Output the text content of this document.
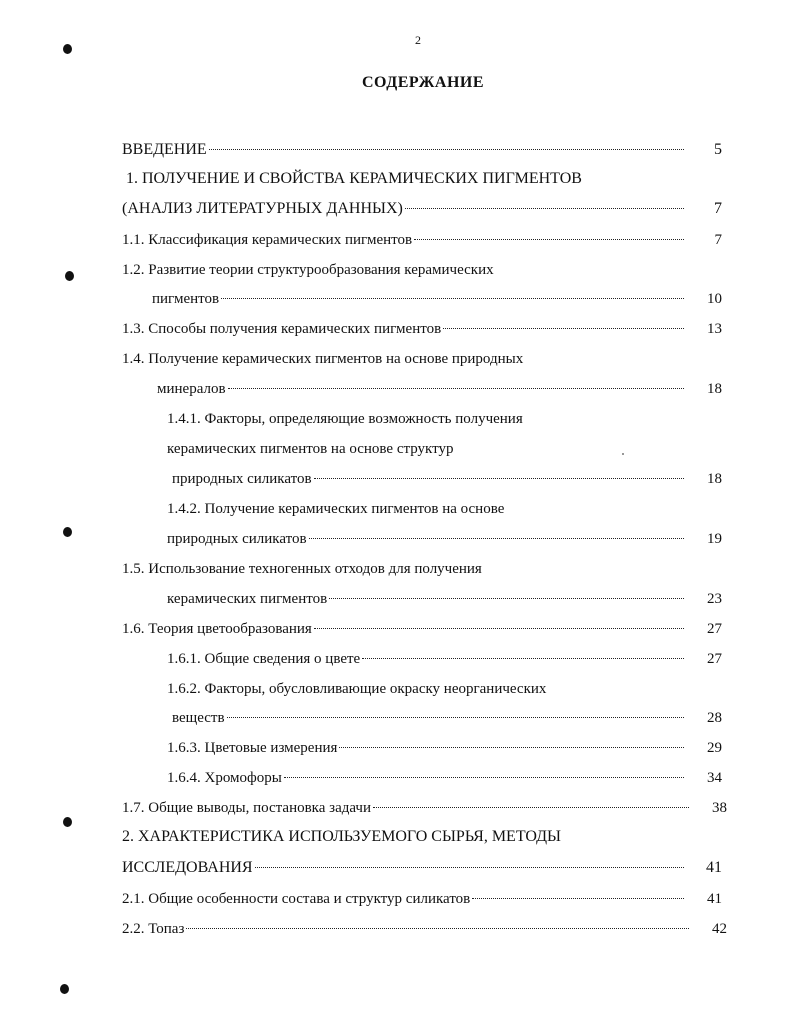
2
СОДЕРЖАНИЕ
ВВЕДЕНИЕ	5
1. ПОЛУЧЕНИЕ И СВОЙСТВА КЕРАМИЧЕСКИХ ПИГМЕНТОВ
(АНАЛИЗ ЛИТЕРАТУРНЫХ ДАННЫХ)	7
1.1. Классификация керамических пигментов	7
1.2. Развитие теории структурообразования керамических
пигментов	10
1.3. Способы получения керамических пигментов	13
1.4. Получение керамических пигментов на основе природных
минералов	18
1.4.1. Факторы, определяющие возможность получения
керамических пигментов на основе структур
природных силикатов	18
1.4.2. Получение керамических пигментов на основе
природных силикатов	19
1.5. Использование техногенных отходов для получения
керамических пигментов	23
1.6. Теория цветообразования	27
1.6.1. Общие сведения о цвете	27
1.6.2. Факторы, обусловливающие окраску неорганических
веществ	28
1.6.3. Цветовые измерения	29
1.6.4. Хромофоры	34
1.7. Общие выводы, постановка задачи	38
2. ХАРАКТЕРИСТИКА ИСПОЛЬЗУЕМОГО СЫРЬЯ, МЕТОДЫ
ИССЛЕДОВАНИЯ	41
2.1. Общие особенности состава и структур силикатов	41
2.2. Топаз	42
